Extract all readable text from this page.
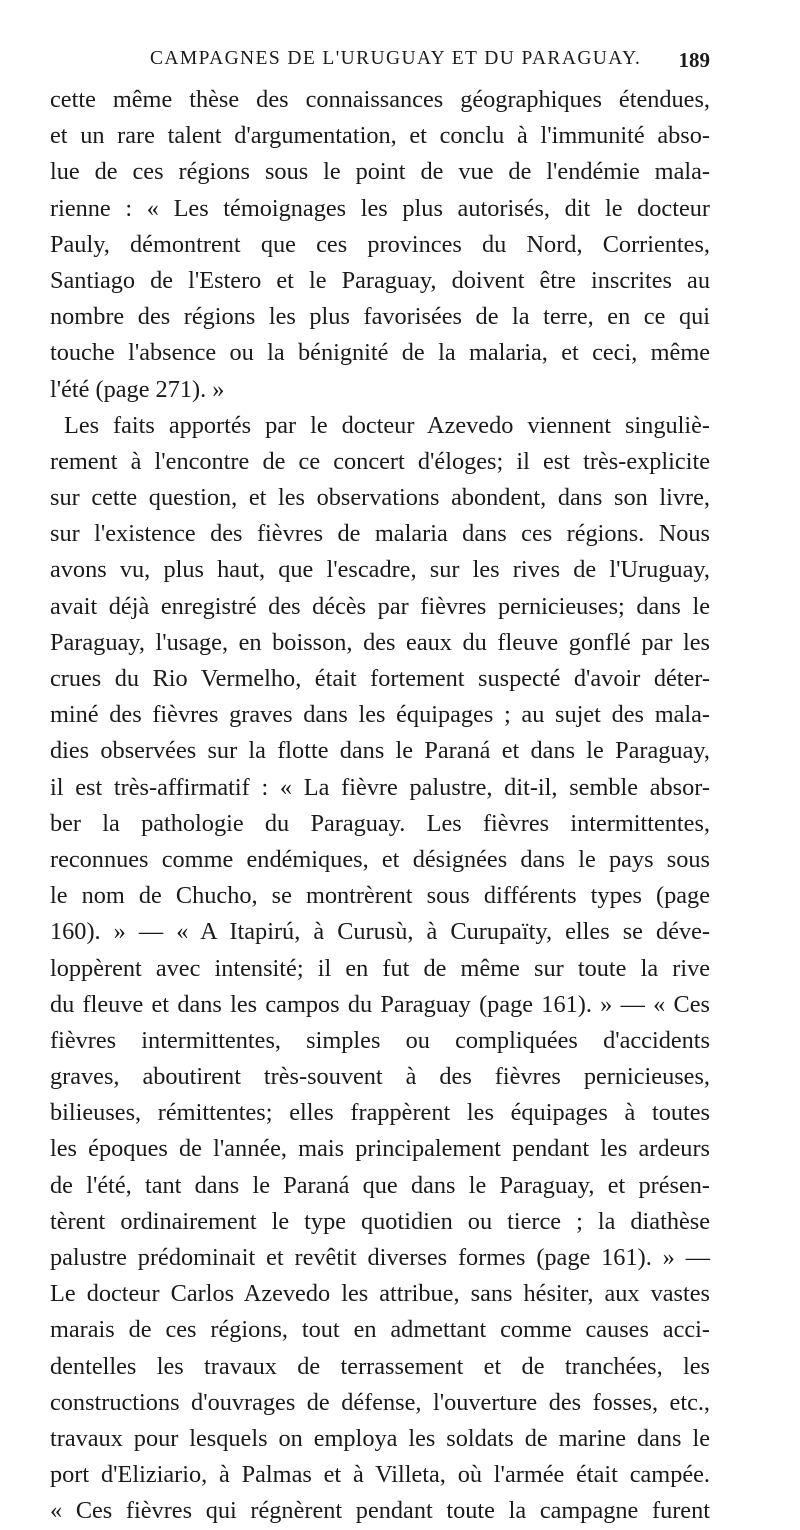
CAMPAGNES DE L'URUGUAY ET DU PARAGUAY. 189
cette même thèse des connaissances géographiques étendues,
et un rare talent d'argumentation, et conclu à l'immunité abso-
lue de ces régions sous le point de vue de l'endémie mala-
rienne : « Les témoignages les plus autorisés, dit le docteur
Pauly, démontrent que ces provinces du Nord, Corrientes,
Santiago de l'Estero et le Paraguay, doivent être inscrites au
nombre des régions les plus favorisées de la terre, en ce qui
touche l'absence ou la bénignité de la malaria, et ceci, même
l'été (page 271). »
Les faits apportés par le docteur Azevedo viennent singuliè-
rement à l'encontre de ce concert d'éloges; il est très-explicite
sur cette question, et les observations abondent, dans son livre,
sur l'existence des fièvres de malaria dans ces régions. Nous
avons vu, plus haut, que l'escadre, sur les rives de l'Uruguay,
avait déjà enregistré des décès par fièvres pernicieuses; dans le
Paraguay, l'usage, en boisson, des eaux du fleuve gonflé par les
crues du Rio Vermelho, était fortement suspecté d'avoir déter-
miné des fièvres graves dans les équipages ; au sujet des mala-
dies observées sur la flotte dans le Paraná et dans le Paraguay,
il est très-affirmatif : « La fièvre palustre, dit-il, semble absor-
ber la pathologie du Paraguay. Les fièvres intermittentes,
reconnues comme endémiques, et désignées dans le pays sous
le nom de Chucho, se montrèrent sous différents types (page
160). » — « A Itapirú, à Curusù, à Curupaïty, elles se déve-
loppèrent avec intensité; il en fut de même sur toute la rive
du fleuve et dans les campos du Paraguay (page 161). » — « Ces
fièvres intermittentes, simples ou compliquées d'accidents
graves, aboutirent très-souvent à des fièvres pernicieuses,
bilieuses, rémittentes; elles frappèrent les équipages à toutes
les époques de l'année, mais principalement pendant les ardeurs
de l'été, tant dans le Paraná que dans le Paraguay, et présen-
tèrent ordinairement le type quotidien ou tierce ; la diathèse
palustre prédominait et revêtit diverses formes (page 161). » —
Le docteur Carlos Azevedo les attribue, sans hésiter, aux vastes
marais de ces régions, tout en admettant comme causes acci-
dentelles les travaux de terrassement et de tranchées, les
constructions d'ouvrages de défense, l'ouverture des fosses, etc.,
travaux pour lesquels on employa les soldats de marine dans le
port d'Eliziario, à Palmas et à Villeta, où l'armée était campée.
« Ces fièvres qui régnèrent pendant toute la campagne furent
